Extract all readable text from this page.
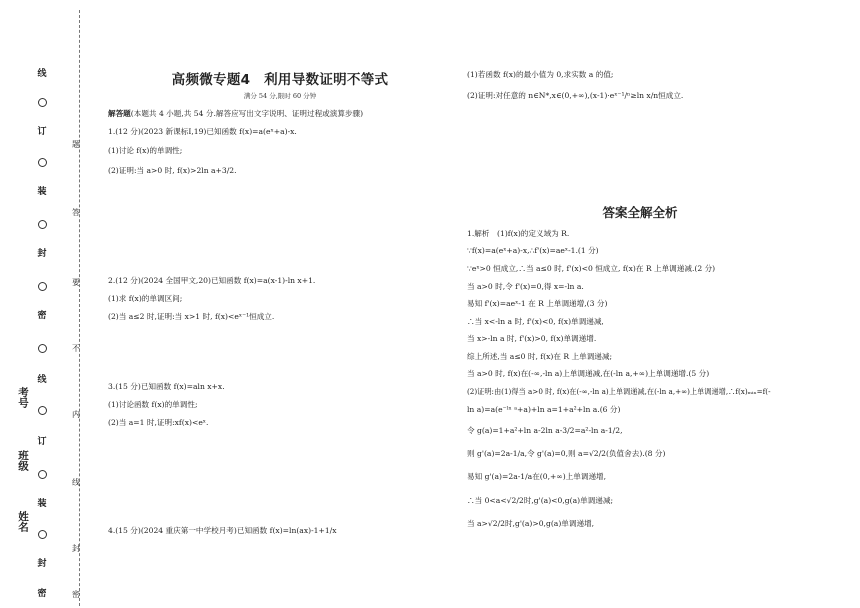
线
订
装
封
密
线
订
装
封
密
题
答
要
不
内
线
封
密
考号
班级
姓名
高频微专题4　利用导数证明不等式
满分 54 分,限时 60 分钟
解答题(本题共 4 小题,共 54 分.解答应写出文字说明、证明过程或演算步骤)
1.(12 分)(2023 新课标Ⅰ,19)已知函数 f(x)=a(eˣ+a)-x.
(1)讨论 f(x)的单调性;
(2)证明:当 a>0 时, f(x)>2ln a+3/2.
2.(12 分)(2024 全国甲文,20)已知函数 f(x)=a(x-1)-ln x+1.
(1)求 f(x)的单调区间;
(2)当 a≤2 时,证明:当 x>1 时, f(x)<eˣ⁻¹恒成立.
3.(15 分)已知函数 f(x)=aln x+x.
(1)讨论函数 f(x)的单调性;
(2)当 a=1 时,证明:xf(x)<eˣ.
4.(15 分)(2024 重庆第一中学校月考)已知函数 f(x)=ln(ax)-1+1/x
(1)若函数 f(x)的最小值为 0,求实数 a 的值;
(2)证明:对任意的 n∈N*,x∈(0,+∞),(x-1)·eˣ⁻¹/ⁿ≥ln x/n恒成立.
答案全解全析
1.解析　(1)f(x)的定义域为 R.
∵f(x)=a(eˣ+a)-x,∴f'(x)=aeˣ-1.(1 分)
∵eˣ>0 恒成立,∴当 a≤0 时, f'(x)<0 恒成立, f(x)在 R 上单调递减.(2 分)
当 a>0 时,令 f'(x)=0,得 x=-ln a.
易知 f'(x)=aeˣ-1 在 R 上单调递增,(3 分)
∴当 x<-ln a 时, f'(x)<0, f(x)单调递减,
当 x>-ln a 时, f'(x)>0, f(x)单调递增.
综上所述,当 a≤0 时, f(x)在 R 上单调递减;
当 a>0 时, f(x)在(-∞,-ln a)上单调递减,在(-ln a,+∞)上单调递增.(5 分)
(2)证明:由(1)得当 a>0 时, f(x)在(-∞,-ln a)上单调递减,在(-ln a,+∞)上单调递增,∴f(x)ₘᵢₙ=f(-
ln a)=a(e⁻ˡⁿ ᵃ+a)+ln a=1+a²+ln a.(6 分)
令 g(a)=1+a²+ln a-2ln a-3/2=a²-ln a-1/2,
则 g'(a)=2a-1/a,令 g'(a)=0,则 a=√2/2(负值舍去).(8 分)
易知 g'(a)=2a-1/a在(0,+∞)上单调递增,
∴当 0<a<√2/2时,g'(a)<0,g(a)单调递减;
当 a>√2/2时,g'(a)>0,g(a)单调递增,
